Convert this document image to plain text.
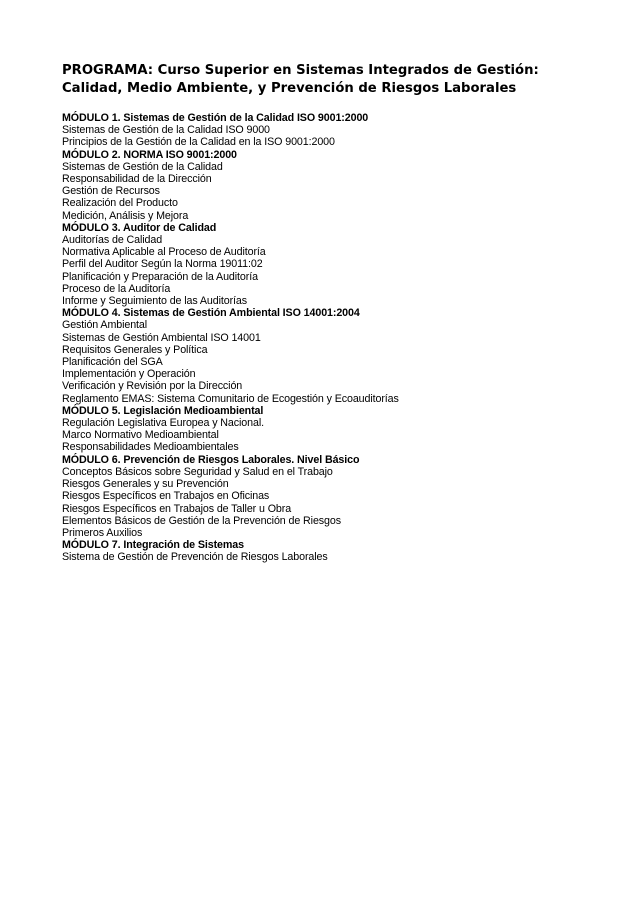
PROGRAMA: Curso Superior en Sistemas Integrados de Gestión:
Calidad, Medio Ambiente, y Prevención de Riesgos Laborales
MÓDULO 1. Sistemas de Gestión de la Calidad ISO 9001:2000
Sistemas de Gestión de la Calidad ISO 9000
Principios de la Gestión de la Calidad en la ISO 9001:2000
MÓDULO 2. NORMA ISO 9001:2000
Sistemas de Gestión de la Calidad
Responsabilidad de la Dirección
Gestión de Recursos
Realización del Producto
Medición, Análisis y Mejora
MÓDULO 3. Auditor de Calidad
Auditorías de Calidad
Normativa Aplicable al Proceso de Auditoría
Perfil del Auditor Según la Norma 19011:02
Planificación y Preparación de la Auditoría
Proceso de la Auditoría
Informe y Seguimiento de las Auditorías
MÓDULO 4. Sistemas de Gestión Ambiental ISO 14001:2004
Gestión Ambiental
Sistemas de Gestión Ambiental ISO 14001
Requisitos Generales y Política
Planificación del SGA
Implementación y Operación
Verificación y Revisión por la Dirección
Reglamento EMAS: Sistema Comunitario de Ecogestión y Ecoauditorías
MÓDULO 5. Legislación Medioambiental
Regulación Legislativa Europea y Nacional.
Marco Normativo Medioambiental
Responsabilidades Medioambientales
MÓDULO 6. Prevención de Riesgos Laborales. Nivel Básico
Conceptos Básicos sobre Seguridad y Salud en el Trabajo
Riesgos Generales y su Prevención
Riesgos Específicos en Trabajos en Oficinas
Riesgos Específicos en Trabajos de Taller u Obra
Elementos Básicos de Gestión de la Prevención de Riesgos
Primeros Auxilios
MÓDULO 7. Integración de Sistemas
Sistema de Gestión de Prevención de Riesgos Laborales
